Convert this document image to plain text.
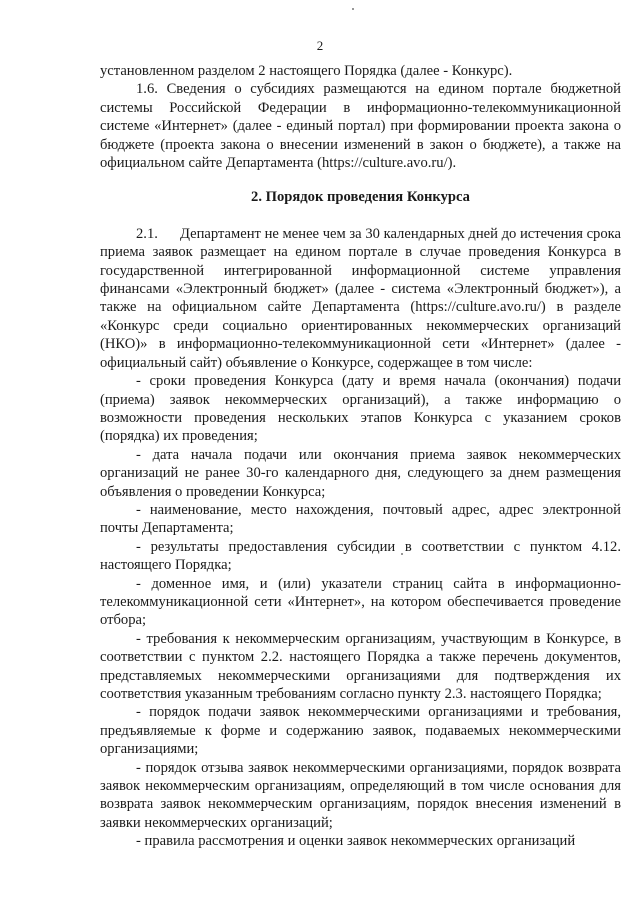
2

установленном разделом 2 настоящего Порядка (далее - Конкурс).

1.6. Сведения о субсидиях размещаются на едином портале бюджетной системы Российской Федерации в информационно-телекоммуникационной системе «Интернет» (далее - единый портал) при формировании проекта закона о бюджете (проекта закона о внесении изменений в закон о бюджете), а также на официальном сайте Департамента (https://culture.avo.ru/).

2. Порядок проведения Конкурса

2.1. Департамент не менее чем за 30 календарных дней до истечения срока приема заявок размещает на едином портале в случае проведения Конкурса в государственной интегрированной информационной системе управления финансами «Электронный бюджет» (далее - система «Электронный бюджет»), а также на официальном сайте Департамента (https://culture.avo.ru/) в разделе «Конкурс среди социально ориентированных некоммерческих организаций (НКО)» в информационно-телекоммуникационной сети «Интернет» (далее - официальный сайт) объявление о Конкурсе, содержащее в том числе:

- сроки проведения Конкурса (дату и время начала (окончания) подачи (приема) заявок некоммерческих организаций), а также информацию о возможности проведения нескольких этапов Конкурса с указанием сроков (порядка) их проведения;

- дата начала подачи или окончания приема заявок некоммерческих организаций не ранее 30-го календарного дня, следующего за днем размещения объявления о проведении Конкурса;

- наименование, место нахождения, почтовый адрес, адрес электронной почты Департамента;

- результаты предоставления субсидии в соответствии с пунктом 4.12. настоящего Порядка;

- доменное имя, и (или) указатели страниц сайта в информационно-телекоммуникационной сети «Интернет», на котором обеспечивается проведение отбора;

- требования к некоммерческим организациям, участвующим в Конкурсе, в соответствии с пунктом 2.2. настоящего Порядка а также перечень документов, представляемых некоммерческими организациями для подтверждения их соответствия указанным требованиям согласно пункту 2.3. настоящего Порядка;

- порядок подачи заявок некоммерческими организациями и требования, предъявляемые к форме и содержанию заявок, подаваемых некоммерческими организациями;

- порядок отзыва заявок некоммерческими организациями, порядок возврата заявок некоммерческим организациям, определяющий в том числе основания для возврата заявок некоммерческим организациям, порядок внесения изменений в заявки некоммерческих организаций;

- правила рассмотрения и оценки заявок некоммерческих организаций
